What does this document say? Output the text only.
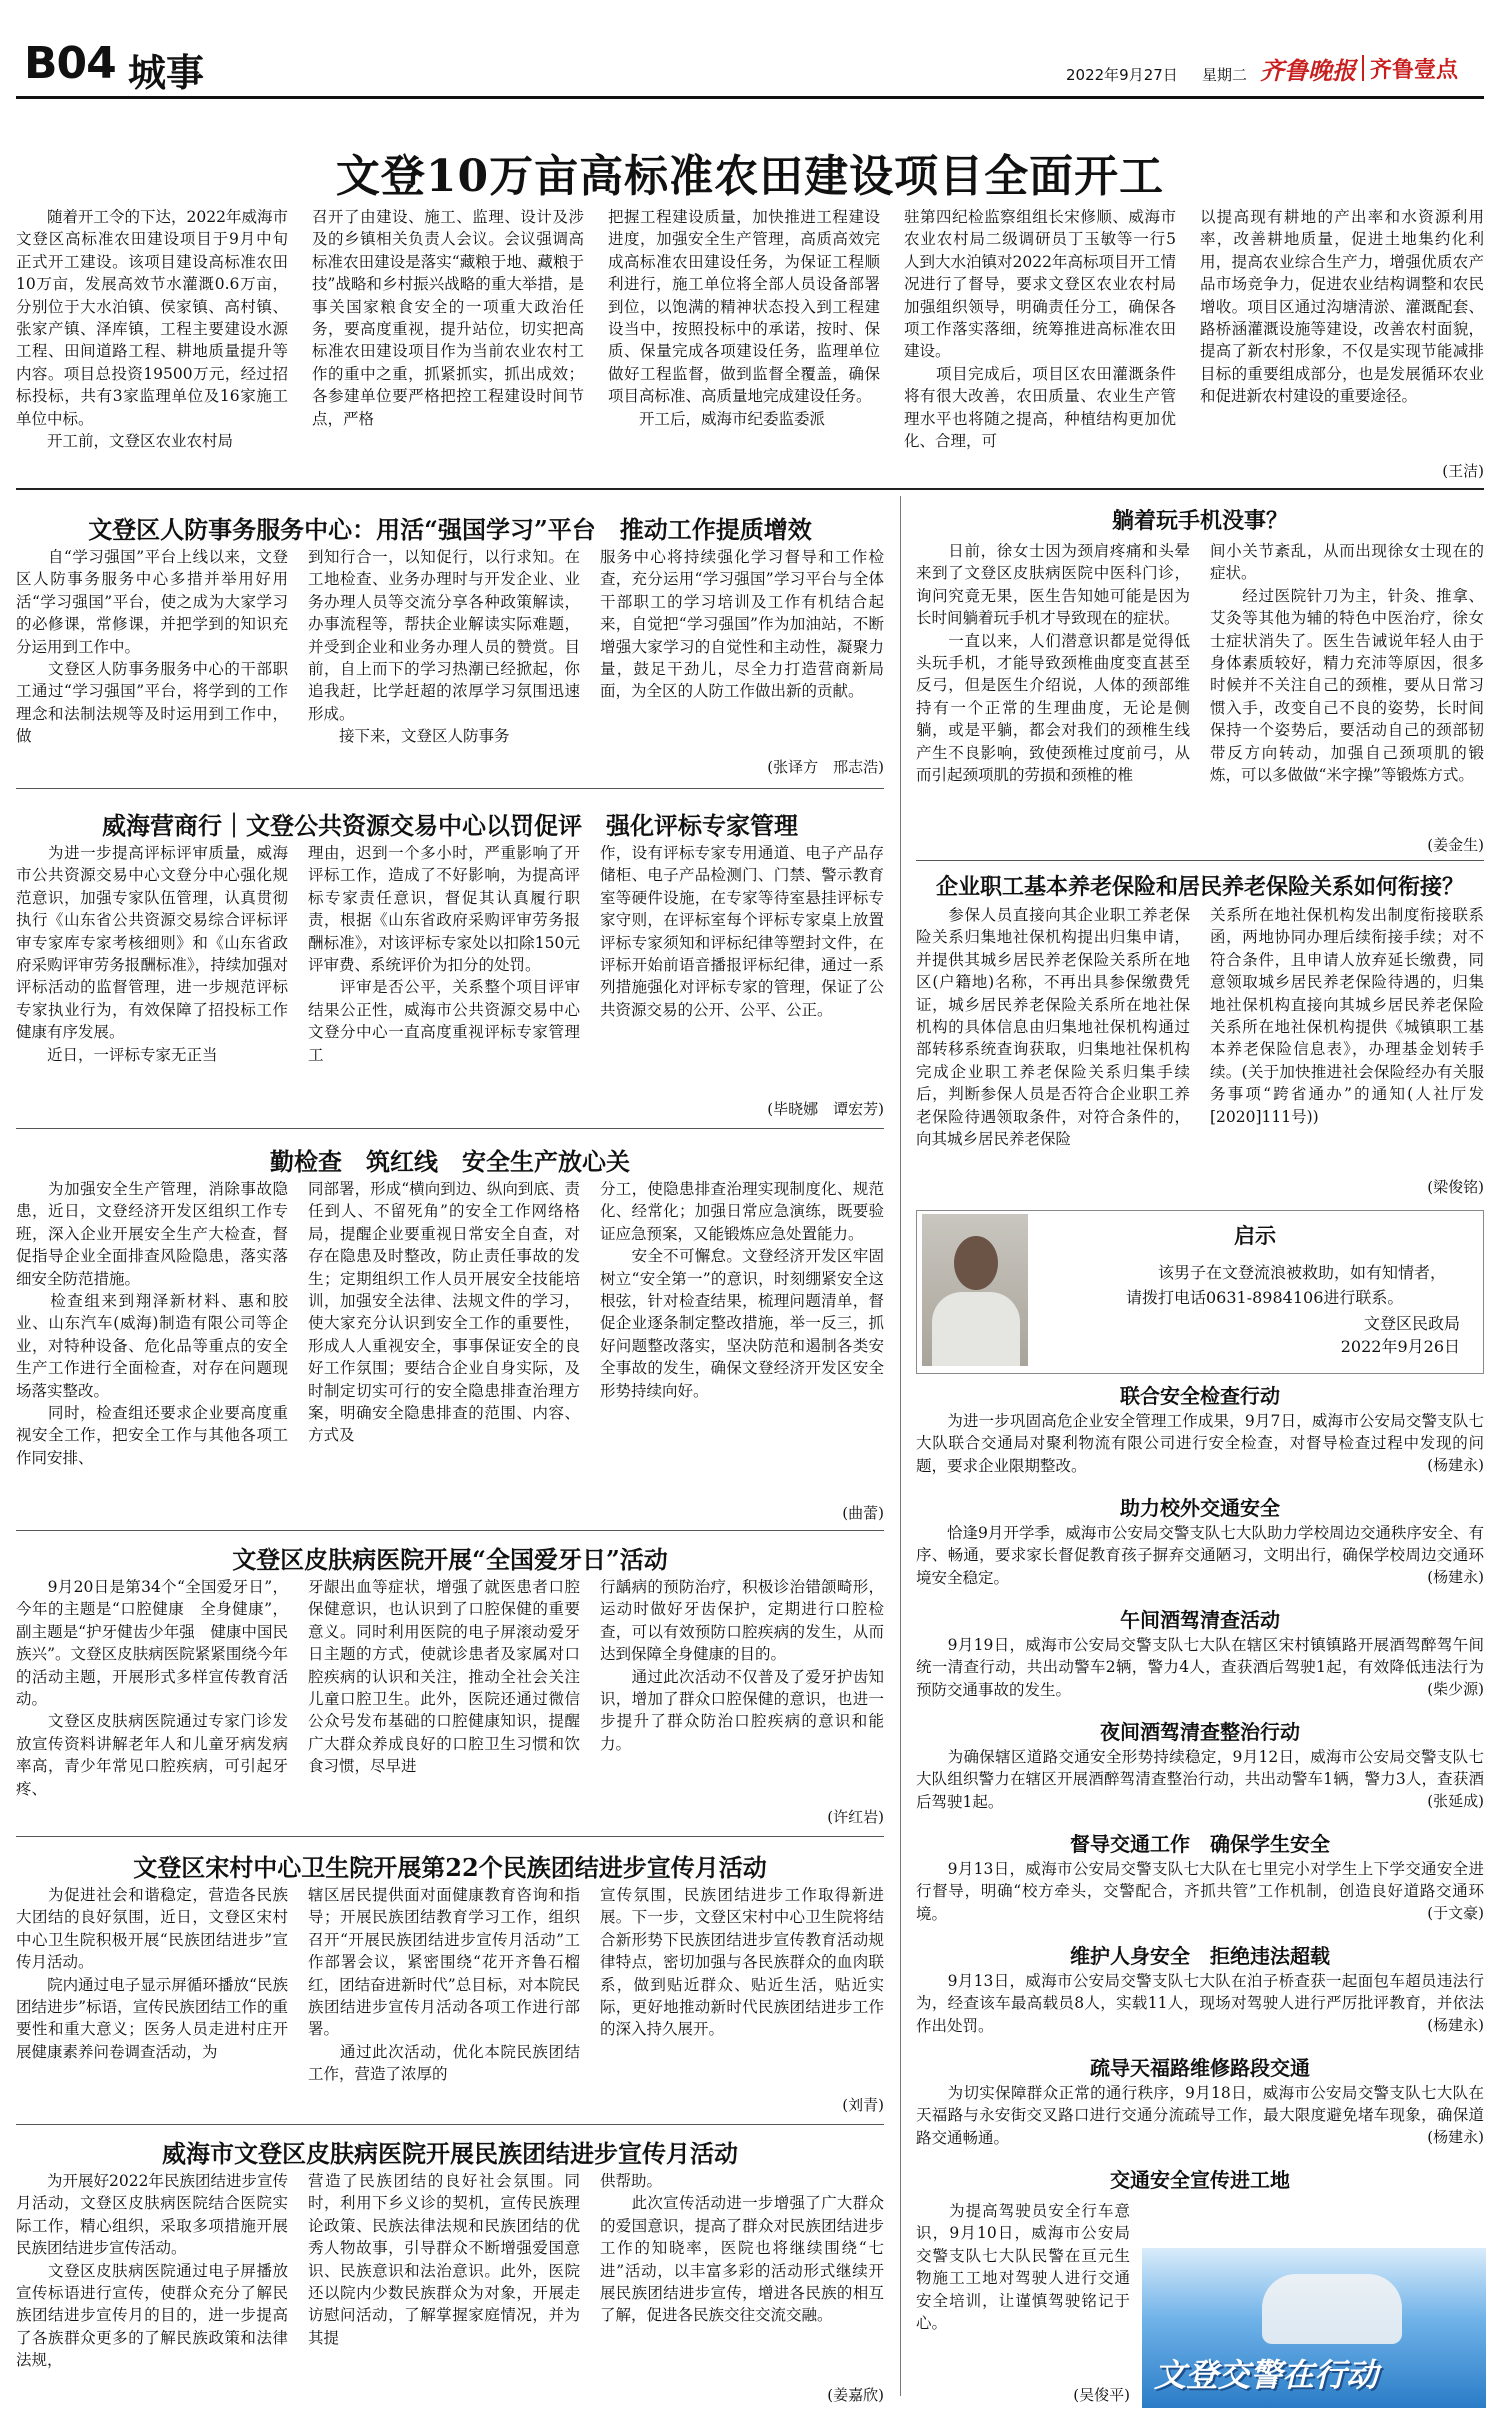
B04 城事	2022年9月27日 星期二 齐鲁晚报 齐鲁壹点
文登10万亩高标准农田建设项目全面开工
　　随着开工令的下达，2022年威海市文登区高标准农田建设项目于9月中旬正式开工建设。该项目建设高标准农田10万亩，发展高效节水灌溉0.6万亩，分别位于大水泊镇、侯家镇、高村镇、张家产镇、泽库镇，工程主要建设水源工程、田间道路工程、耕地质量提升等内容。项目总投资19500万元，经过招标投标，共有3家监理单位及16家施工单位中标。
　　开工前，文登区农业农村局
召开了由建设、施工、监理、设计及涉及的乡镇相关负责人会议。会议强调高标准农田建设是落实“藏粮于地、藏粮于技”战略和乡村振兴战略的重大举措，是事关国家粮食安全的一项重大政治任务，要高度重视，提升站位，切实把高标准农田建设项目作为当前农业农村工作的重中之重，抓紧抓实，抓出成效；各参建单位要严格把控工程建设时间节点，严格
把握工程建设质量，加快推进工程建设进度，加强安全生产管理，高质高效完成高标准农田建设任务，为保证工程顺利进行，施工单位将全部人员设备部署到位，以饱满的精神状态投入到工程建设当中，按照投标中的承诺，按时、保质、保量完成各项建设任务，监理单位做好工程监督，做到监督全覆盖，确保项目高标准、高质量地完成建设任务。
　　开工后，威海市纪委监委派
驻第四纪检监察组组长宋修顺、威海市农业农村局二级调研员丁玉敏等一行5人到大水泊镇对2022年高标项目开工情况进行了督导，要求文登区农业农村局加强组织领导，明确责任分工，确保各项工作落实落细，统筹推进高标准农田建设。
　　项目完成后，项目区农田灌溉条件将有很大改善，农田质量、农业生产管理水平也将随之提高，种植结构更加优化、合理，可
以提高现有耕地的产出率和水资源利用率，改善耕地质量，促进土地集约化利用，提高农业综合生产力，增强优质农产品市场竞争力，促进农业结构调整和农民增收。项目区通过沟塘清淤、灌溉配套、路桥涵灌溉设施等建设，改善农村面貌，提高了新农村形象，不仅是实现节能减排目标的重要组成部分，也是发展循环农业和促进新农村建设的重要途径。
(王洁)
文登区人防事务服务中心：用活“强国学习”平台　推动工作提质增效
　　自“学习强国”平台上线以来，文登区人防事务服务中心多措并举用好用活“学习强国”平台，使之成为大家学习的必修课，常修课，并把学到的知识充分运用到工作中。
　　文登区人防事务服务中心的干部职工通过“学习强国”平台，将学到的工作理念和法制法规等及时运用到工作中，做
到知行合一，以知促行，以行求知。在工地检查、业务办理时与开发企业、业务办理人员等交流分享各种政策解读，办事流程等，帮扶企业解读实际难题，并受到企业和业务办理人员的赞赏。目前，自上而下的学习热潮已经掀起，你追我赶，比学赶超的浓厚学习氛围迅速形成。
　　接下来，文登区人防事务
服务中心将持续强化学习督导和工作检查，充分运用“学习强国”学习平台与全体干部职工的学习培训及工作有机结合起来，自觉把“学习强国”作为加油站，不断增强大家学习的自觉性和主动性，凝聚力量，鼓足干劲儿，尽全力打造营商新局面，为全区的人防工作做出新的贡献。
(张译方　邢志浩)
威海营商行｜文登公共资源交易中心以罚促评　强化评标专家管理
　　为进一步提高评标评审质量，威海市公共资源交易中心文登分中心强化规范意识，加强专家队伍管理，认真贯彻执行《山东省公共资源交易综合评标评审专家库专家考核细则》和《山东省政府采购评审劳务报酬标准》，持续加强对评标活动的监督管理，进一步规范评标专家执业行为，有效保障了招投标工作健康有序发展。
　　近日，一评标专家无正当
理由，迟到一个多小时，严重影响了开评标工作，造成了不好影响，为提高评标专家责任意识，督促其认真履行职责，根据《山东省政府采购评审劳务报酬标准》，对该评标专家处以扣除150元评审费、系统评价为扣分的处罚。
　　评审是否公平，关系整个项目评审结果公正性，威海市公共资源交易中心文登分中心一直高度重视评标专家管理工
作，设有评标专家专用通道、电子产品存储柜、电子产品检测门、门禁、警示教育室等硬件设施，在专家等待室悬挂评标专家守则，在评标室每个评标专家桌上放置评标专家须知和评标纪律等塑封文件，在评标开始前语音播报评标纪律，通过一系列措施强化对评标专家的管理，保证了公共资源交易的公开、公平、公正。
(毕晓娜　谭宏芳)
勤检查　筑红线　安全生产放心关
　　为加强安全生产管理，消除事故隐患，近日，文登经济开发区组织工作专班，深入企业开展安全生产大检查，督促指导企业全面排查风险隐患，落实落细安全防范措施。
　　检查组来到翔泽新材料、惠和胶业、山东汽车(威海)制造有限公司等企业，对特种设备、危化品等重点的安全生产工作进行全面检查，对存在问题现场落实整改。
　　同时，检查组还要求企业要高度重视安全工作，把安全工作与其他各项工作同安排、
同部署，形成“横向到边、纵向到底、责任到人、不留死角”的安全工作网络格局，提醒企业要重视日常安全自查，对存在隐患及时整改，防止责任事故的发生；定期组织工作人员开展安全技能培训，加强安全法律、法规文件的学习，使大家充分认识到安全工作的重要性，形成人人重视安全，事事保证安全的良好工作氛围；要结合企业自身实际，及时制定切实可行的安全隐患排查治理方案，明确安全隐患排查的范围、内容、方式及
分工，使隐患排查治理实现制度化、规范化、经常化；加强日常应急演练，既要验证应急预案，又能锻炼应急处置能力。
　　安全不可懈怠。文登经济开发区牢固树立“安全第一”的意识，时刻绷紧安全这根弦，针对检查结果，梳理问题清单，督促企业逐条制定整改措施，举一反三，抓好问题整改落实，坚决防范和遏制各类安全事故的发生，确保文登经济开发区安全形势持续向好。
(曲蕾)
文登区皮肤病医院开展“全国爱牙日”活动
　　9月20日是第34个“全国爱牙日”，今年的主题是“口腔健康　全身健康”，副主题是“护牙健齿少年强　健康中国民族兴”。文登区皮肤病医院紧紧围绕今年的活动主题，开展形式多样宣传教育活动。
　　文登区皮肤病医院通过专家门诊发放宣传资料讲解老年人和儿童牙病发病率高，青少年常见口腔疾病，可引起牙疼、
牙龈出血等症状，增强了就医患者口腔保健意识，也认识到了口腔保健的重要意义。同时利用医院的电子屏滚动爱牙日主题的方式，使就诊患者及家属对口腔疾病的认识和关注，推动全社会关注儿童口腔卫生。此外，医院还通过微信公众号发布基础的口腔健康知识，提醒广大群众养成良好的口腔卫生习惯和饮食习惯，尽早进
行龋病的预防治疗，积极诊治错颌畸形，运动时做好牙齿保护，定期进行口腔检查，可以有效预防口腔疾病的发生，从而达到保障全身健康的目的。
　　通过此次活动不仅普及了爱牙护齿知识，增加了群众口腔保健的意识，也进一步提升了群众防治口腔疾病的意识和能力。
(许红岩)
文登区宋村中心卫生院开展第22个民族团结进步宣传月活动
　　为促进社会和谐稳定，营造各民族大团结的良好氛围，近日，文登区宋村中心卫生院积极开展“民族团结进步”宣传月活动。
　　院内通过电子显示屏循环播放“民族团结进步”标语，宣传民族团结工作的重要性和重大意义；医务人员走进村庄开展健康素养问卷调查活动，为
辖区居民提供面对面健康教育咨询和指导；开展民族团结教育学习工作，组织召开“开展民族团结进步宣传月活动”工作部署会议，紧密围绕“花开齐鲁石榴红，团结奋进新时代”总目标，对本院民族团结进步宣传月活动各项工作进行部署。
　　通过此次活动，优化本院民族团结工作，营造了浓厚的
宣传氛围，民族团结进步工作取得新进展。下一步，文登区宋村中心卫生院将结合新形势下民族团结进步宣传教育活动规律特点，密切加强与各民族群众的血肉联系，做到贴近群众、贴近生活，贴近实际，更好地推动新时代民族团结进步工作的深入持久展开。
(刘青)
威海市文登区皮肤病医院开展民族团结进步宣传月活动
　　为开展好2022年民族团结进步宣传月活动，文登区皮肤病医院结合医院实际工作，精心组织，采取多项措施开展民族团结进步宣传活动。
　　文登区皮肤病医院通过电子屏播放宣传标语进行宣传，使群众充分了解民族团结进步宣传月的目的，进一步提高了各族群众更多的了解民族政策和法律法规，
营造了民族团结的良好社会氛围。同时，利用下乡义诊的契机，宣传民族理论政策、民族法律法规和民族团结的优秀人物故事，引导群众不断增强爱国意识、民族意识和法治意识。此外，医院还以院内少数民族群众为对象，开展走访慰问活动，了解掌握家庭情况，并为其提
供帮助。
　　此次宣传活动进一步增强了广大群众的爱国意识，提高了群众对民族团结进步工作的知晓率，医院也将继续围绕“七进”活动，以丰富多彩的活动形式继续开展民族团结进步宣传，增进各民族的相互了解，促进各民族交往交流交融。
(姜嘉欣)
躺着玩手机没事？
　　日前，徐女士因为颈肩疼痛和头晕来到了文登区皮肤病医院中医科门诊，询问究竟无果，医生告知她可能是因为长时间躺着玩手机才导致现在的症状。
　　一直以来，人们潜意识都是觉得低头玩手机，才能导致颈椎曲度变直甚至反弓，但是医生介绍说，人体的颈部维持有一个正常的生理曲度，无论是侧躺，或是平躺，都会对我们的颈椎生线产生不良影响，致使颈椎过度前弓，从而引起颈项肌的劳损和颈椎的椎
间小关节紊乱，从而出现徐女士现在的症状。
　　经过医院针刀为主，针灸、推拿、艾灸等其他为辅的特色中医治疗，徐女士症状消失了。医生告诫说年轻人由于身体素质较好，精力充沛等原因，很多时候并不关注自己的颈椎，要从日常习惯入手，改变自己不良的姿势，长时间保持一个姿势后，要活动自己的颈部韧带反方向转动，加强自己颈项肌的锻炼，可以多做做“米字操”等锻炼方式。
(姜金生)
企业职工基本养老保险和居民养老保险关系如何衔接？
　　参保人员直接向其企业职工养老保险关系归集地社保机构提出归集申请，并提供其城乡居民养老保险关系所在地区(户籍地)名称，不再出具参保缴费凭证，城乡居民养老保险关系所在地社保机构的具体信息由归集地社保机构通过部转移系统查询获取，归集地社保机构完成企业职工养老保险关系归集手续后，判断参保人员是否符合企业职工养老保险待遇领取条件，对符合条件的，向其城乡居民养老保险
关系所在地社保机构发出制度衔接联系函，两地协同办理后续衔接手续；对不符合条件，且申请人放弃延长缴费，同意领取城乡居民养老保险待遇的，归集地社保机构直接向其城乡居民养老保险关系所在地社保机构提供《城镇职工基本养老保险信息表》，办理基金划转手续。(关于加快推进社会保险经办有关服务事项“跨省通办”的通知(人社厅发[2020]111号))
(梁俊铭)
启示
　　该男子在文登流浪被救助，如有知情者，请拨打电话0631-8984106进行联系。
文登区民政局
2022年9月26日
联合安全检查行动
　　为进一步巩固高危企业安全管理工作成果，9月7日，威海市公安局交警支队七大队联合交通局对聚利物流有限公司进行安全检查，对督导检查过程中发现的问题，要求企业限期整改。	(杨建永)
助力校外交通安全
　　恰逢9月开学季，威海市公安局交警支队七大队助力学校周边交通秩序安全、有序、畅通，要求家长督促教育孩子摒弃交通陋习，文明出行，确保学校周边交通环境安全稳定。	(杨建永)
午间酒驾清查活动
　　9月19日，威海市公安局交警支队七大队在辖区宋村镇镇路开展酒驾醉驾午间统一清查行动，共出动警车2辆，警力4人，查获酒后驾驶1起，有效降低违法行为预防交通事故的发生。	(柴少源)
夜间酒驾清查整治行动
　　为确保辖区道路交通安全形势持续稳定，9月12日，威海市公安局交警支队七大队组织警力在辖区开展酒醉驾清查整治行动，共出动警车1辆，警力3人，查获酒后驾驶1起。	(张延成)
督导交通工作　确保学生安全
　　9月13日，威海市公安局交警支队七大队在七里完小对学生上下学交通安全进行督导，明确“校方牵头，交警配合，齐抓共管”工作机制，创造良好道路交通环境。	(于文豪)
维护人身安全　拒绝违法超载
　　9月13日，威海市公安局交警支队七大队在泊子桥查获一起面包车超员违法行为，经查该车最高载员8人，实载11人，现场对驾驶人进行严厉批评教育，并依法作出处罚。	(杨建永)
疏导天福路维修路段交通
　　为切实保障群众正常的通行秩序，9月18日，威海市公安局交警支队七大队在天福路与永安街交叉路口进行交通分流疏导工作，最大限度避免堵车现象，确保道路交通畅通。	(杨建永)
交通安全宣传进工地
　　为提高驾驶员安全行车意识，9月10日，威海市公安局交警支队七大队民警在亘元生物施工工地对驾驶人进行交通安全培训，让谨慎驾驶铭记于心。
(吴俊平)
文登交警在行动
